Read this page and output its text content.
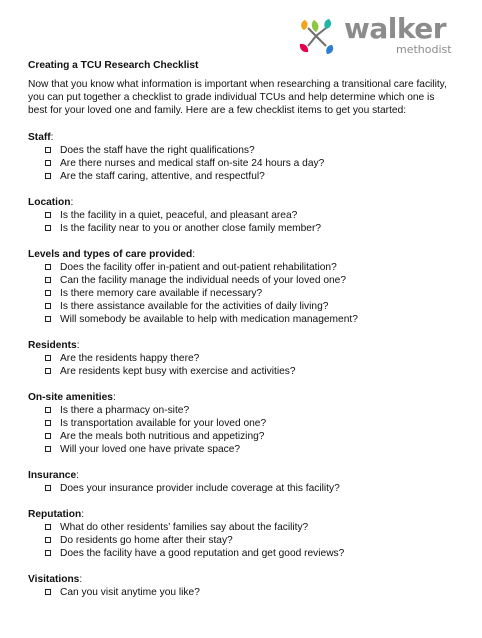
walker
methodist
Creating a TCU Research Checklist

Now that you know what information is important when researching a transitional care facility, you can put together a checklist to grade individual TCUs and help determine which one is best for your loved one and family. Here are a few checklist items to get you started:

Staff:
Does the staff have the right qualifications?
Are there nurses and medical staff on-site 24 hours a day?
Are the staff caring, attentive, and respectful?
Location:
Is the facility in a quiet, peaceful, and pleasant area?
Is the facility near to you or another close family member?
Levels and types of care provided:
Does the facility offer in-patient and out-patient rehabilitation?
Can the facility manage the individual needs of your loved one?
Is there memory care available if necessary?
Is there assistance available for the activities of daily living?
Will somebody be available to help with medication management?
Residents:
Are the residents happy there?
Are residents kept busy with exercise and activities?
On-site amenities:
Is there a pharmacy on-site?
Is transportation available for your loved one?
Are the meals both nutritious and appetizing?
Will your loved one have private space?
Insurance:
Does your insurance provider include coverage at this facility?
Reputation:
What do other residents’ families say about the facility?
Do residents go home after their stay?
Does the facility have a good reputation and get good reviews?
Visitations:
Can you visit anytime you like?
